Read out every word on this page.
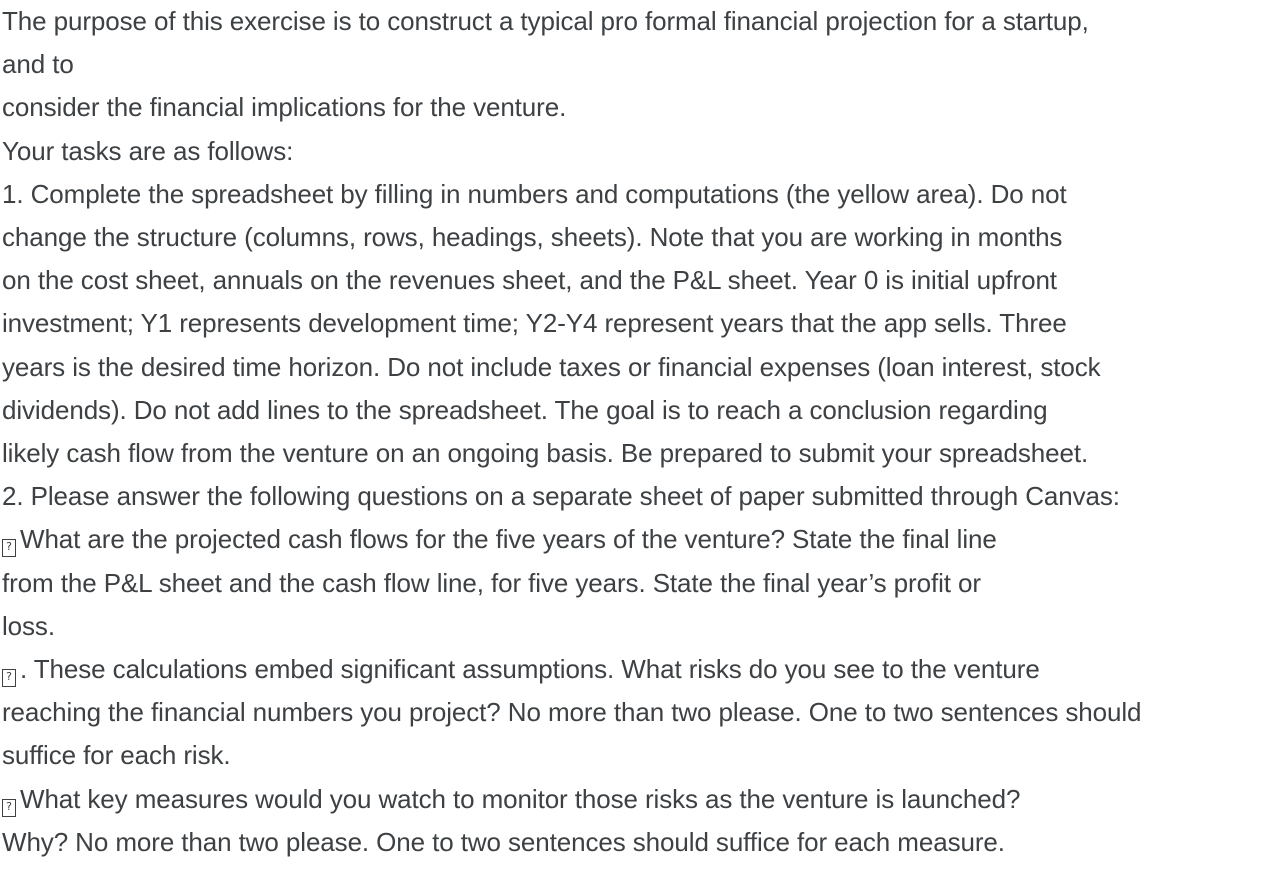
The purpose of this exercise is to construct a typical pro formal financial projection for a startup,
and to
consider the financial implications for the venture.
Your tasks are as follows:
1. Complete the spreadsheet by filling in numbers and computations (the yellow area). Do not
change the structure (columns, rows, headings, sheets). Note that you are working in months
on the cost sheet, annuals on the revenues sheet, and the P&L sheet. Year 0 is initial upfront
investment; Y1 represents development time; Y2-Y4 represent years that the app sells. Three
years is the desired time horizon. Do not include taxes or financial expenses (loan interest, stock
dividends). Do not add lines to the spreadsheet. The goal is to reach a conclusion regarding
likely cash flow from the venture on an ongoing basis. Be prepared to submit your spreadsheet.
2. Please answer the following questions on a separate sheet of paper submitted through Canvas:
? What are the projected cash flows for the five years of the venture? State the final line
from the P&L sheet and the cash flow line, for five years. State the final year’s profit or
loss.
? . These calculations embed significant assumptions. What risks do you see to the venture
reaching the financial numbers you project? No more than two please. One to two sentences should
suffice for each risk.
? What key measures would you watch to monitor those risks as the venture is launched?
Why? No more than two please. One to two sentences should suffice for each measure.
